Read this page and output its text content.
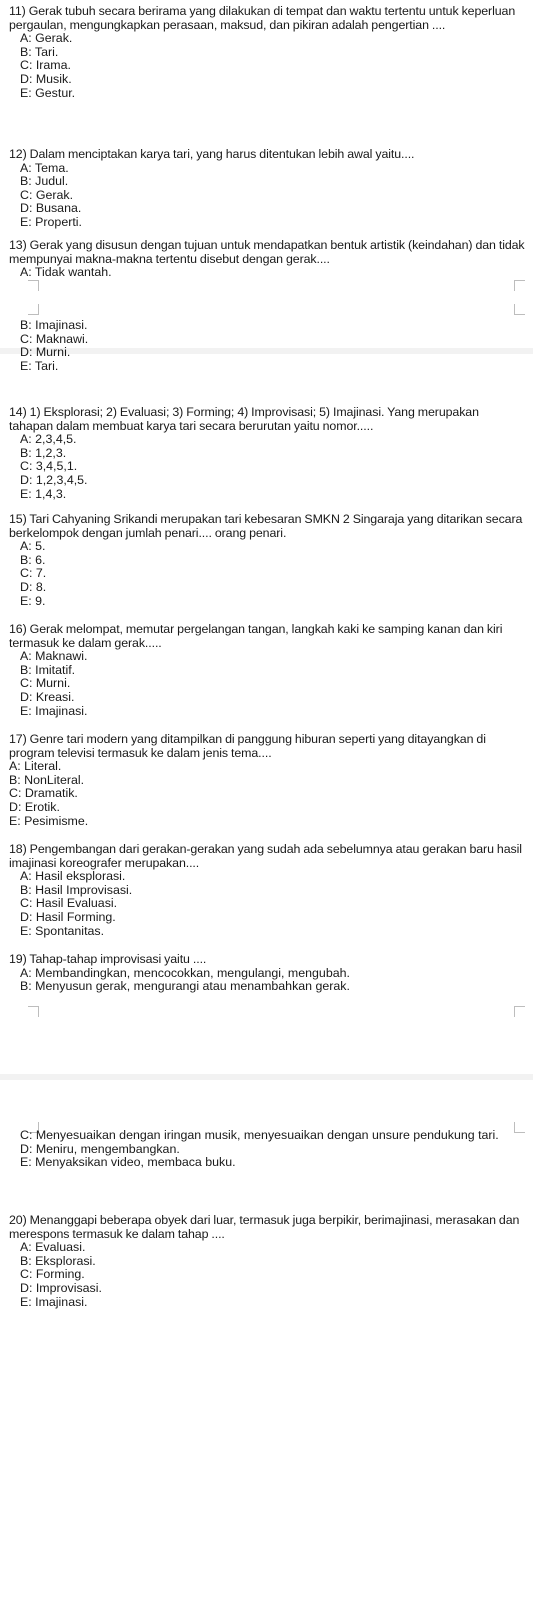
11) Gerak tubuh secara berirama yang dilakukan di tempat dan waktu tertentu untuk keperluan pergaulan, mengungkapkan perasaan, maksud, dan pikiran adalah pengertian ....

A: Gerak.

B: Tari.

C: Irama.

D: Musik.

E: Gestur.

12) Dalam menciptakan karya tari, yang harus ditentukan lebih awal yaitu....

A: Tema.

B: Judul.

C: Gerak.

D: Busana.

E: Properti.

13) Gerak yang disusun dengan tujuan untuk mendapatkan bentuk artistik (keindahan) dan tidak mempunyai makna-makna tertentu disebut dengan gerak....

A: Tidak wantah.

B: Imajinasi.

C: Maknawi.

D: Murni.

E: Tari.

14) 1) Eksplorasi; 2) Evaluasi; 3) Forming; 4) Improvisasi; 5) Imajinasi. Yang merupakan tahapan dalam membuat karya tari secara berurutan yaitu nomor.....

A: 2,3,4,5.

B: 1,2,3.

C: 3,4,5,1.

D: 1,2,3,4,5.

E: 1,4,3.

15) Tari Cahyaning Srikandi merupakan tari kebesaran SMKN 2 Singaraja yang ditarikan secara berkelompok dengan jumlah penari.... orang penari.

A: 5.

B: 6.

C: 7.

D: 8.

E: 9.

16) Gerak melompat, memutar pergelangan tangan, langkah kaki ke samping kanan dan kiri termasuk ke dalam gerak.....

A: Maknawi.

B: Imitatif.

C: Murni.

D: Kreasi.

E: Imajinasi.

17) Genre tari modern yang ditampilkan di panggung hiburan seperti yang ditayangkan di program televisi termasuk ke dalam jenis tema....

A: Literal.

B: NonLiteral.

C: Dramatik.

D: Erotik.

E: Pesimisme.

18) Pengembangan dari gerakan-gerakan yang sudah ada sebelumnya atau gerakan baru hasil imajinasi koreografer merupakan....

A: Hasil eksplorasi.

B: Hasil Improvisasi.

C: Hasil Evaluasi.

D: Hasil Forming.

E: Spontanitas.

19) Tahap-tahap improvisasi yaitu ....

A: Membandingkan, mencocokkan, mengulangi, mengubah.

B: Menyusun gerak, mengurangi atau menambahkan gerak.

C: Menyesuaikan dengan iringan musik, menyesuaikan dengan unsure pendukung tari.

D: Meniru, mengembangkan.

E: Menyaksikan video, membaca buku.

20) Menanggapi beberapa obyek dari luar, termasuk juga berpikir, berimajinasi, merasakan dan merespons termasuk ke dalam tahap ....

A: Evaluasi.

B: Eksplorasi.

C: Forming.

D: Improvisasi.

E: Imajinasi.
